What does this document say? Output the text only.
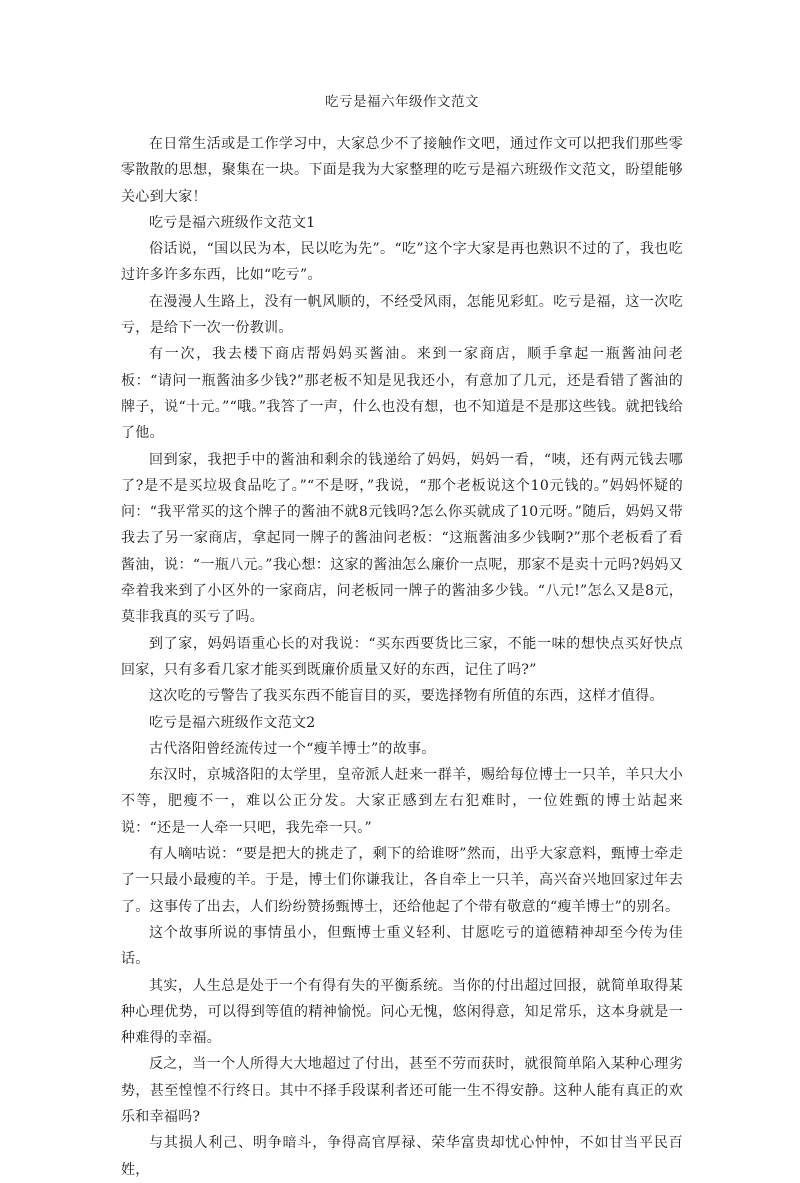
吃亏是福六年级作文范文

在日常生活或是工作学习中，大家总少不了接触作文吧，通过作文可以把我们那些零零散散的思想，聚集在一块。下面是我为大家整理的吃亏是福六班级作文范文，盼望能够关心到大家！

吃亏是福六班级作文范文1

俗话说，“国以民为本，民以吃为先”。“吃”这个字大家是再也熟识不过的了，我也吃过许多许多东西，比如“吃亏”。

在漫漫人生路上，没有一帆风顺的，不经受风雨，怎能见彩虹。吃亏是福，这一次吃亏，是给下一次一份教训。

有一次，我去楼下商店帮妈妈买酱油。来到一家商店，顺手拿起一瓶酱油问老板：“请问一瓶酱油多少钱?”那老板不知是见我还小，有意加了几元，还是看错了酱油的牌子，说“十元。”“哦。”我答了一声，什么也没有想，也不知道是不是那这些钱。就把钱给了他。

回到家，我把手中的酱油和剩余的钱递给了妈妈，妈妈一看，“咦，还有两元钱去哪了?是不是买垃圾食品吃了。”“不是呀，”我说，“那个老板说这个10元钱的。”妈妈怀疑的问：“我平常买的这个牌子的酱油不就8元钱吗?怎么你买就成了10元呀。”随后，妈妈又带我去了另一家商店，拿起同一牌子的酱油问老板：“这瓶酱油多少钱啊?”那个老板看了看酱油，说：“一瓶八元。”我心想：这家的酱油怎么廉价一点呢，那家不是卖十元吗?妈妈又牵着我来到了小区外的一家商店，问老板同一牌子的酱油多少钱。“八元!”怎么又是8元，莫非我真的买亏了吗。

到了家，妈妈语重心长的对我说：“买东西要货比三家，不能一味的想快点买好快点回家，只有多看几家才能买到既廉价质量又好的东西，记住了吗?”

这次吃的亏警告了我买东西不能盲目的买，要选择物有所值的东西，这样才值得。

吃亏是福六班级作文范文2

古代洛阳曾经流传过一个“瘦羊博士”的故事。

东汉时，京城洛阳的太学里，皇帝派人赶来一群羊，赐给每位博士一只羊，羊只大小不等，肥瘦不一，难以公正分发。大家正感到左右犯难时，一位姓甄的博士站起来说：“还是一人牵一只吧，我先牵一只。”

有人嘀咕说：“要是把大的挑走了，剩下的给谁呀”然而，出乎大家意料，甄博士牵走了一只最小最瘦的羊。于是，博士们你谦我让，各自牵上一只羊，高兴奋兴地回家过年去了。这事传了出去，人们纷纷赞扬甄博士，还给他起了个带有敬意的“瘦羊博士”的别名。

这个故事所说的事情虽小，但甄博士重义轻利、甘愿吃亏的道德精神却至今传为佳话。

其实，人生总是处于一个有得有失的平衡系统。当你的付出超过回报，就简单取得某种心理优势，可以得到等值的精神愉悦。问心无愧，悠闲得意，知足常乐，这本身就是一种难得的幸福。

反之，当一个人所得大大地超过了付出，甚至不劳而获时，就很简单陷入某种心理劣势，甚至惶惶不行终日。其中不择手段谋利者还可能一生不得安静。这种人能有真正的欢乐和幸福吗?

与其损人利己、明争暗斗，争得高官厚禄、荣华富贵却忧心忡忡，不如甘当平民百姓，
